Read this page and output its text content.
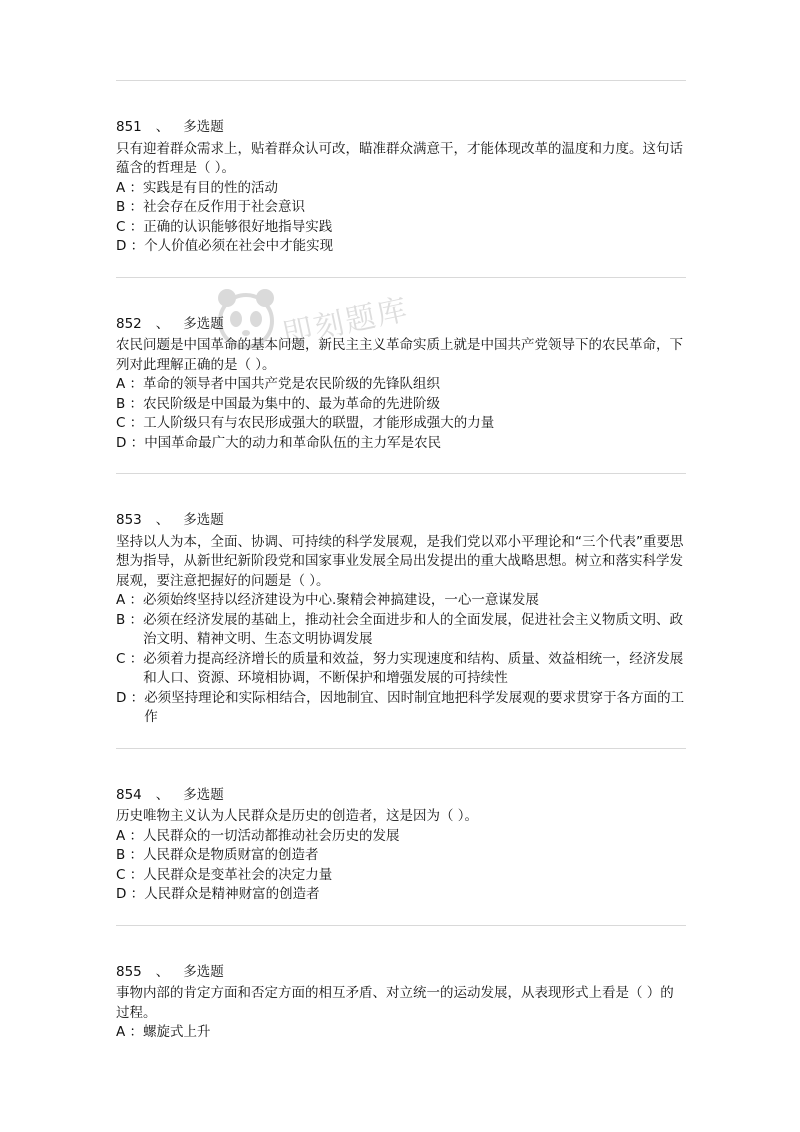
851 、 多选题

只有迎着群众需求上，贴着群众认可改，瞄准群众满意干，才能体现改革的温度和力度。这句话蕴含的哲理是（ ）。

A ： 实践是有目的性的活动
B ： 社会存在反作用于社会意识
C ： 正确的认识能够很好地指导实践
D ： 个人价值必须在社会中才能实现
852 、 多选题

农民问题是中国革命的基本问题，新民主主义革命实质上就是中国共产党领导下的农民革命，下列对此理解正确的是（ ）。

A ： 革命的领导者中国共产党是农民阶级的先锋队组织
B ： 农民阶级是中国最为集中的、最为革命的先进阶级
C ： 工人阶级只有与农民形成强大的联盟，才能形成强大的力量
D ： 中国革命最广大的动力和革命队伍的主力军是农民
853 、 多选题

坚持以人为本，全面、协调、可持续的科学发展观，是我们党以邓小平理论和“三个代表”重要思想为指导，从新世纪新阶段党和国家事业发展全局出发提出的重大战略思想。树立和落实科学发展观，要注意把握好的问题是（ ）。

A ： 必须始终坚持以经济建设为中心.聚精会神搞建设，一心一意谋发展
B ： 必须在经济发展的基础上，推动社会全面进步和人的全面发展，促进社会主义物质文明、政治文明、精神文明、生态文明协调发展
C ： 必须着力提高经济增长的质量和效益，努力实现速度和结构、质量、效益相统一，经济发展和人口、资源、环境相协调，不断保护和增强发展的可持续性
D ： 必须坚持理论和实际相结合，因地制宜、因时制宜地把科学发展观的要求贯穿于各方面的工作
854 、 多选题

历史唯物主义认为人民群众是历史的创造者，这是因为（ ）。

A ： 人民群众的一切活动都推动社会历史的发展
B ： 人民群众是物质财富的创造者
C ： 人民群众是变革社会的决定力量
D ： 人民群众是精神财富的创造者
855 、 多选题

事物内部的肯定方面和否定方面的相互矛盾、对立统一的运动发展，从表现形式上看是（ ）的过程。

A ： 螺旋式上升
即刻题库
